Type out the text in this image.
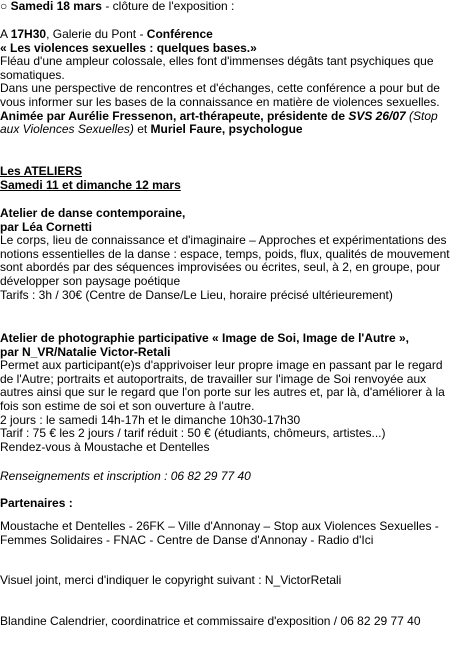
○ Samedi 18 mars - clôture de l'exposition :

A 17H30, Galerie du Pont - Conférence

« Les violences sexuelles : quelques bases.»

Fléau d'une ampleur colossale, elles font d'immenses dégâts tant psychiques que somatiques.

Dans une perspective de rencontres et d'échanges, cette conférence a pour but de vous informer sur les bases de la connaissance en matière de violences sexuelles.

Animée par Aurélie Fressenon, art-thérapeute, présidente de SVS 26/07 (Stop aux Violences Sexuelles) et Muriel Faure, psychologue

Les ATELIERS

Samedi 11 et dimanche 12 mars

Atelier de danse contemporaine,

par Léa Cornetti

Le corps, lieu de connaissance et d'imaginaire – Approches et expérimentations des notions essentielles de la danse : espace, temps, poids, flux, qualités de mouvement sont abordés par des séquences improvisées ou écrites, seul, à 2, en groupe, pour développer son paysage poétique

Tarifs : 3h / 30€ (Centre de Danse/Le Lieu, horaire précisé ultérieurement)

Atelier de photographie participative « Image de Soi, Image de l'Autre »,

par N_VR/Natalie Victor-Retali

Permet aux participant(e)s d'apprivoiser leur propre image en passant par le regard de l'Autre; portraits et autoportraits, de travailler sur l'image de Soi renvoyée aux autres ainsi que sur le regard que l'on porte sur les autres et, par là, d'améliorer à la fois son estime de soi et son ouverture à l'autre.

2 jours : le samedi 14h-17h et le dimanche 10h30-17h30

Tarif : 75 € les 2 jours / tarif réduit : 50 € (étudiants, chômeurs, artistes...)

Rendez-vous à Moustache et Dentelles

Renseignements et inscription : 06 82 29 77 40

Partenaires :

Moustache et Dentelles - 26FK – Ville d'Annonay – Stop aux Violences Sexuelles - Femmes Solidaires - FNAC - Centre de Danse d'Annonay - Radio d'Ici

Visuel joint, merci d'indiquer le copyright suivant : N_VictorRetali

Blandine Calendrier, coordinatrice et commissaire d'exposition / 06 82 29 77 40
